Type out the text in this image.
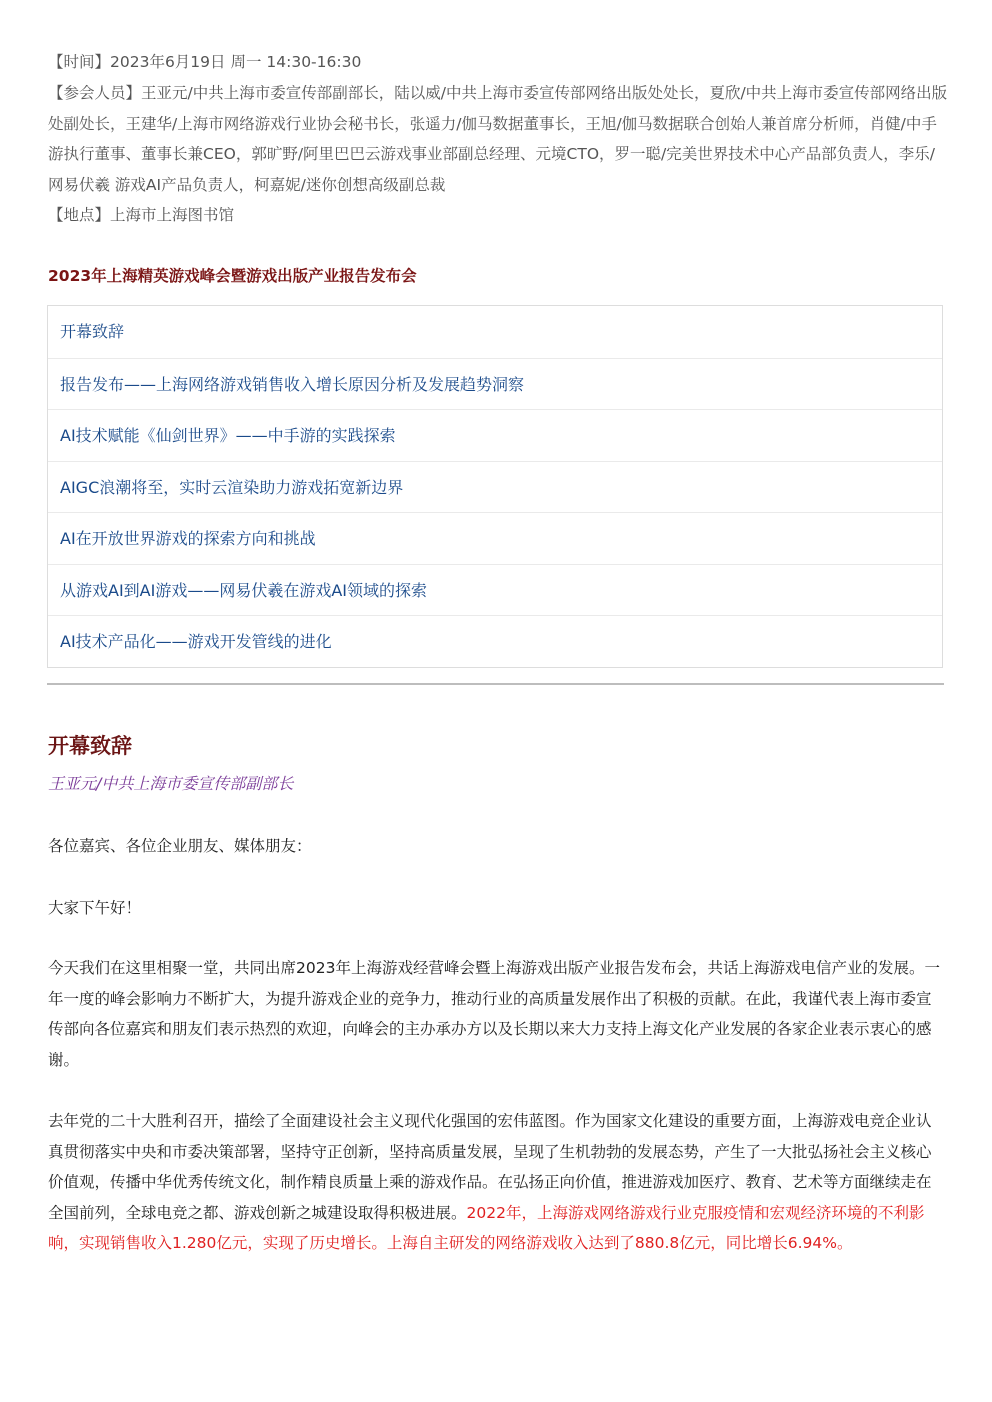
【时间】2023年6月19日 周一 14:30-16:30

【参会人员】王亚元/中共上海市委宣传部副部长，陆以威/中共上海市委宣传部网络出版处处长，夏欣/中共上海市委宣传部网络出版处副处长，王建华/上海市网络游戏行业协会秘书长，张遥力/伽马数据董事长，王旭/伽马数据联合创始人兼首席分析师，肖健/中手游执行董事、董事长兼CEO，郭旷野/阿里巴巴云游戏事业部副总经理、元境CTO，罗一聪/完美世界技术中心产品部负责人，李乐/网易伏羲 游戏AI产品负责人，柯嘉妮/迷你创想高级副总裁

【地点】上海市上海图书馆

2023年上海精英游戏峰会暨游戏出版产业报告发布会
开幕致辞
报告发布——上海网络游戏销售收入增长原因分析及发展趋势洞察
AI技术赋能《仙剑世界》——中手游的实践探索
AIGC浪潮将至，实时云渲染助力游戏拓宽新边界
AI在开放世界游戏的探索方向和挑战
从游戏AI到AI游戏——网易伏羲在游戏AI领域的探索
AI技术产品化——游戏开发管线的进化
开幕致辞

王亚元/中共上海市委宣传部副部长

各位嘉宾、各位企业朋友、媒体朋友：

大家下午好！

今天我们在这里相聚一堂，共同出席2023年上海游戏经营峰会暨上海游戏出版产业报告发布会，共话上海游戏电信产业的发展。一年一度的峰会影响力不断扩大，为提升游戏企业的竞争力，推动行业的高质量发展作出了积极的贡献。在此，我谨代表上海市委宣传部向各位嘉宾和朋友们表示热烈的欢迎，向峰会的主办承办方以及长期以来大力支持上海文化产业发展的各家企业表示衷心的感谢。

去年党的二十大胜利召开，描绘了全面建设社会主义现代化强国的宏伟蓝图。作为国家文化建设的重要方面，上海游戏电竞企业认真贯彻落实中央和市委决策部署，坚持守正创新，坚持高质量发展，呈现了生机勃勃的发展态势，产生了一大批弘扬社会主义核心价值观，传播中华优秀传统文化，制作精良质量上乘的游戏作品。在弘扬正向价值，推进游戏加医疗、教育、艺术等方面继续走在全国前列，全球电竞之都、游戏创新之城建设取得积极进展。2022年，上海游戏网络游戏行业克服疫情和宏观经济环境的不利影响，实现销售收入1.280亿元，实现了历史增长。上海自主研发的网络游戏收入达到了880.8亿元，同比增长6.94%。
